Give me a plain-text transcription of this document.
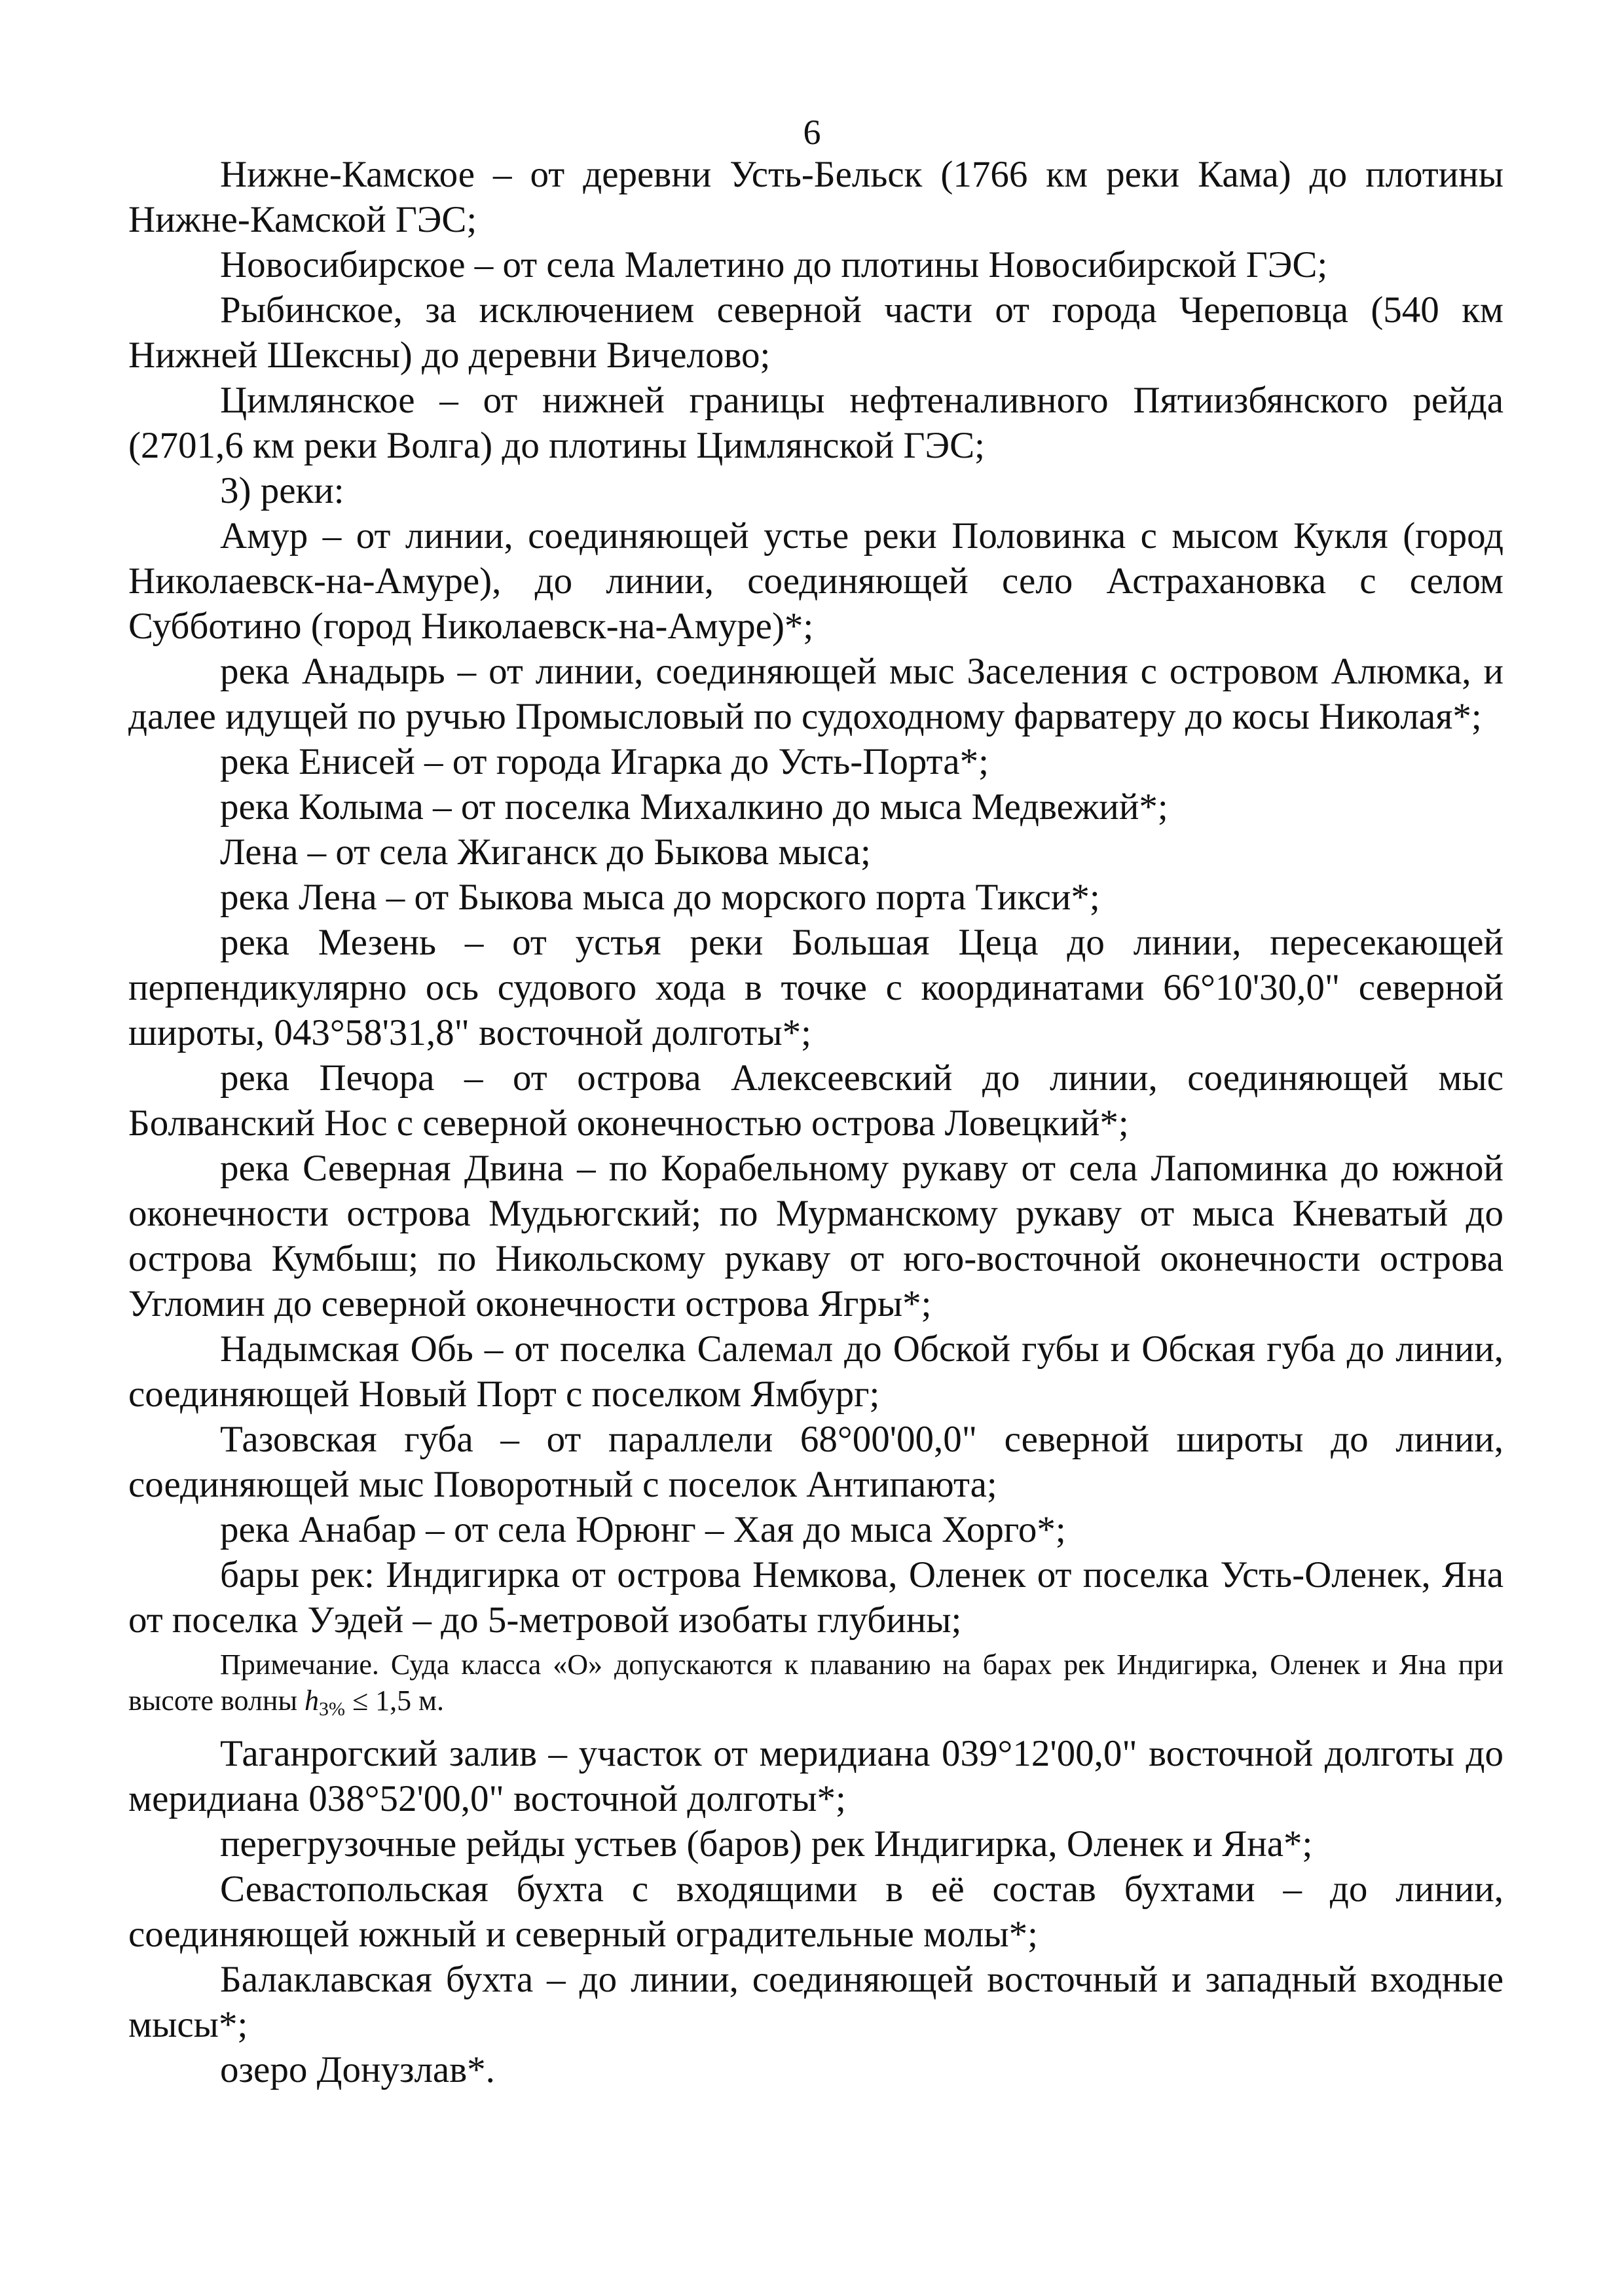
6

Нижне-Камское – от деревни Усть-Бельск (1766 км реки Кама) до плотины Нижне-Камской ГЭС;

Новосибирское – от села Малетино до плотины Новосибирской ГЭС;

Рыбинское, за исключением северной части от города Череповца (540 км Нижней Шексны) до деревни Вичелово;

Цимлянское – от нижней границы нефтеналивного Пятиизбянского рейда (2701,6 км реки Волга) до плотины Цимлянской ГЭС;

3) реки:

Амур – от линии, соединяющей устье реки Половинка с мысом Кукля (город Николаевск-на-Амуре), до линии, соединяющей село Астрахановка с селом Субботино (город Николаевск-на-Амуре)*;

река Анадырь – от линии, соединяющей мыс Заселения с островом Алюмка, и далее идущей по ручью Промысловый по судоходному фарватеру до косы Николая*;

река Енисей – от города Игарка до Усть-Порта*;

река Колыма – от поселка Михалкино до мыса Медвежий*;

Лена – от села Жиганск до Быкова мыса;

река Лена – от Быкова мыса до морского порта Тикси*;

река Мезень – от устья реки Большая Цеца до линии, пересекающей перпендикулярно ось судового хода в точке с координатами 66°10'30,0" северной широты, 043°58'31,8" восточной долготы*;

река Печора – от острова Алексеевский до линии, соединяющей мыс Болванский Нос с северной оконечностью острова Ловецкий*;

река Северная Двина – по Корабельному рукаву от села Лапоминка до южной оконечности острова Мудьюгский; по Мурманскому рукаву от мыса Кневатый до острова Кумбыш; по Никольскому рукаву от юго-восточной оконечности острова Угломин до северной оконечности острова Ягры*;

Надымская Обь – от поселка Салемал до Обской губы и Обская губа до линии, соединяющей Новый Порт с поселком Ямбург;

Тазовская губа – от параллели 68°00'00,0" северной широты до линии, соединяющей мыс Поворотный с поселок Антипаюта;

река Анабар – от села Юрюнг – Хая до мыса Хорго*;

бары рек: Индигирка от острова Немкова, Оленек от поселка Усть-Оленек, Яна от поселка Уэдей – до 5-метровой изобаты глубины;

Примечание. Суда класса «О» допускаются к плаванию на барах рек Индигирка, Оленек и Яна при высоте волны $h_{3\%} \le 1,5$ м.

Таганрогский залив – участок от меридиана 039°12'00,0" восточной долготы до меридиана 038°52'00,0" восточной долготы*;

перегрузочные рейды устьев (баров) рек Индигирка, Оленек и Яна*;

Севастопольская бухта с входящими в её состав бухтами – до линии, соединяющей южный и северный оградительные молы*;

Балаклавская бухта – до линии, соединяющей восточный и западный входные мысы*;

озеро Донузлав*.
